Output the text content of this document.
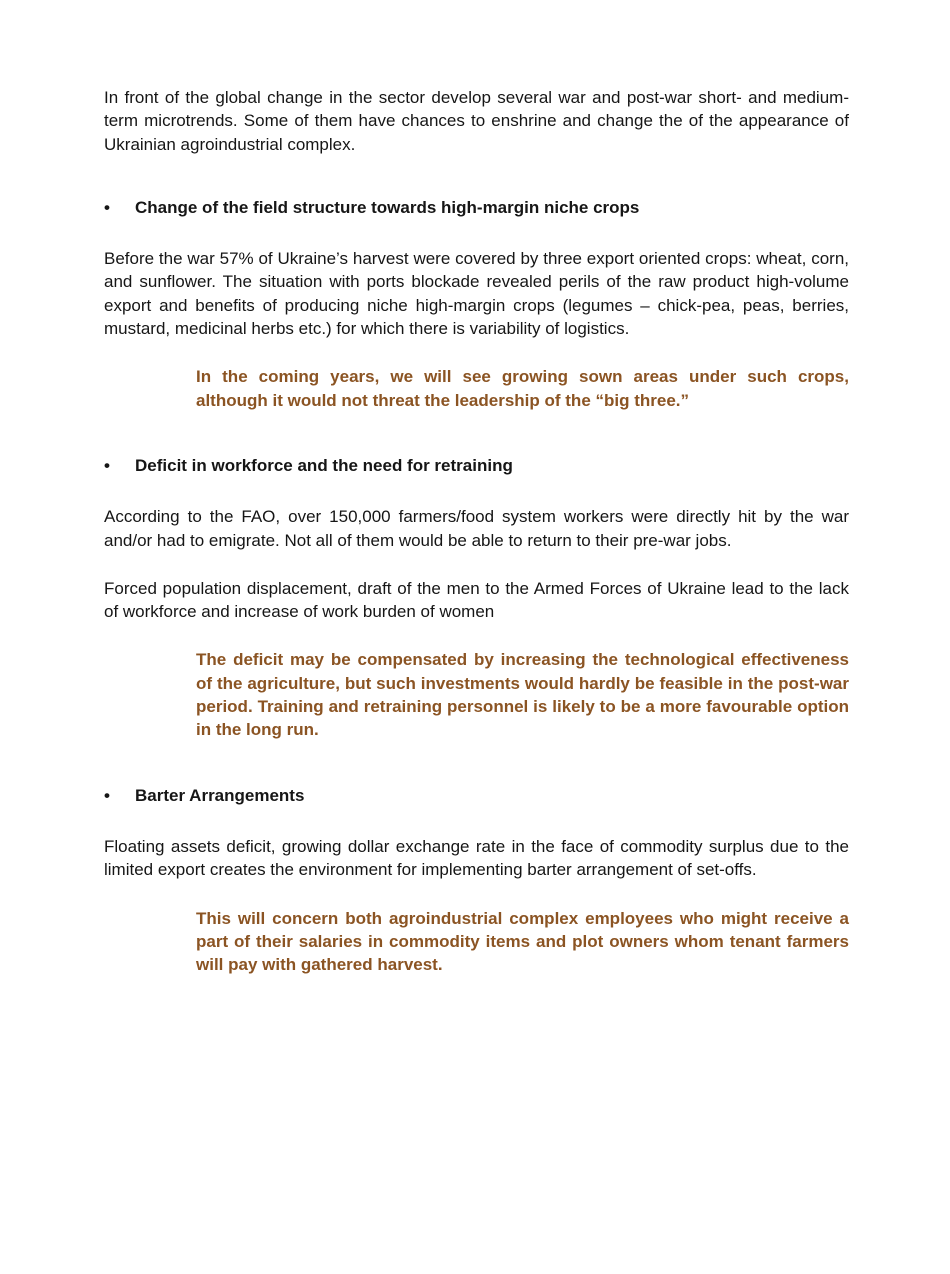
In front of the global change in the sector develop several war and post-war short- and medium-term microtrends. Some of them have chances to enshrine and change the of the appearance of Ukrainian agroindustrial complex.

•	Change of the field structure towards high-margin niche crops

Before the war 57% of Ukraine’s harvest were covered by three export oriented crops: wheat, corn, and sunflower. The situation with ports blockade revealed perils of the raw product high-volume export and benefits of producing niche high-margin crops (legumes – chick-pea, peas, berries, mustard, medicinal herbs etc.) for which there is variability of logistics.

In the coming years, we will see growing sown areas under such crops, although it would not threat the leadership of the “big three.”

•	Deficit in workforce and the need for retraining

According to the FAO, over 150,000 farmers/food system workers were directly hit by the war and/or had to emigrate. Not all of them would be able to return to their pre-war jobs.

Forced population displacement, draft of the men to the Armed Forces of Ukraine lead to the lack of workforce and increase of work burden of women

The deficit may be compensated by increasing the technological effectiveness of the agriculture, but such investments would hardly be feasible in the post-war period. Training and retraining personnel is likely to be a more favourable option in the long run.

•	Barter Arrangements

Floating assets deficit, growing dollar exchange rate in the face of commodity surplus due to the limited export creates the environment for implementing barter arrangement of set-offs.

This will concern both agroindustrial complex employees who might receive a part of their salaries in commodity items and plot owners whom tenant farmers will pay with gathered harvest.
